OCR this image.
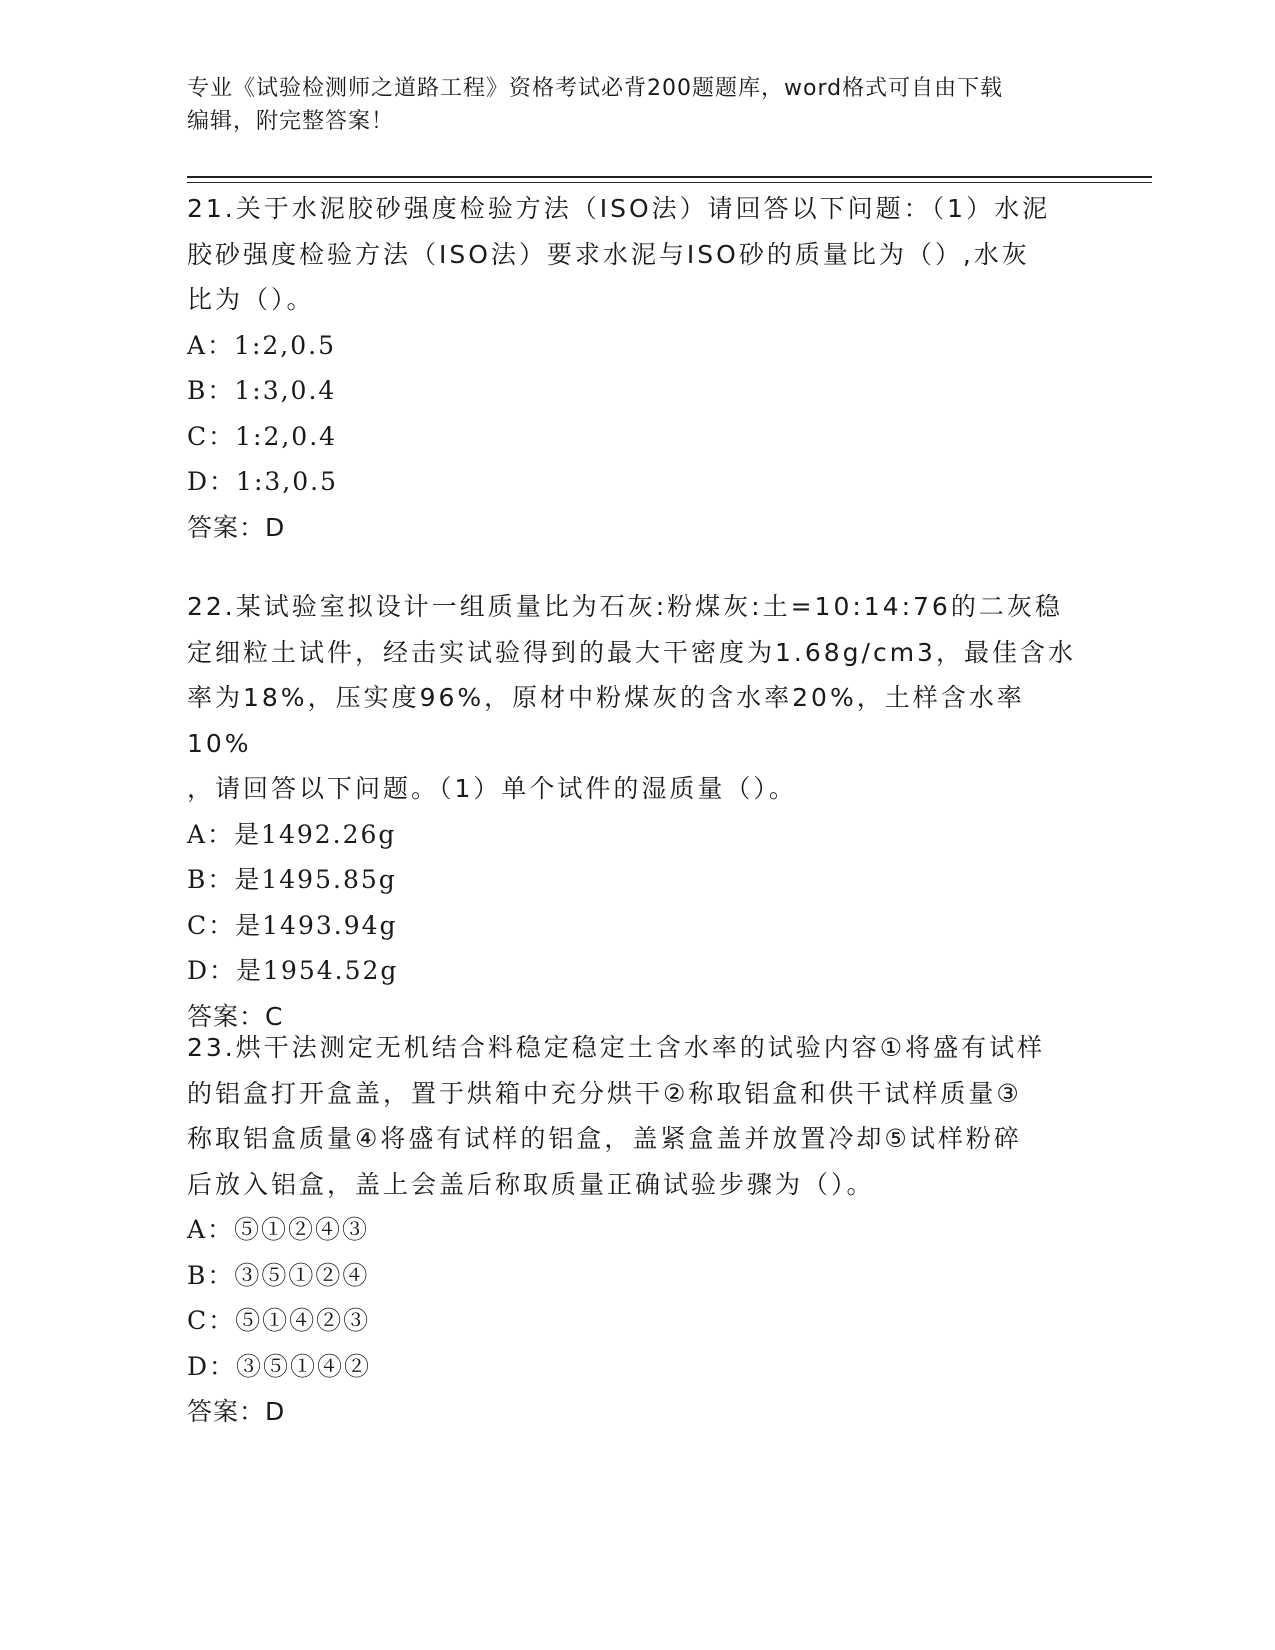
专业《试验检测师之道路工程》资格考试必背200题题库，word格式可自由下载
编辑，附完整答案！

21.关于水泥胶砂强度检验方法（ISO法）请回答以下问题：（1）水泥

胶砂强度检验方法（ISO法）要求水泥与ISO砂的质量比为（）,水灰

比为（）。

A：1:2,0.5

B：1:3,0.4

C：1:2,0.4

D：1:3,0.5

答案：D

22.某试验室拟设计一组质量比为石灰:粉煤灰:土=10:14:76的二灰稳

定细粒土试件，经击实试验得到的最大干密度为1.68g/cm3，最佳含水

率为18%，压实度96%，原材中粉煤灰的含水率20%，土样含水率10%

，请回答以下问题。（1）单个试件的湿质量（）。

A：是1492.26g

B：是1495.85g

C：是1493.94g

D：是1954.52g

答案：C

23.烘干法测定无机结合料稳定稳定土含水率的试验内容①将盛有试样

的铝盒打开盒盖，置于烘箱中充分烘干②称取铝盒和供干试样质量③

称取铝盒质量④将盛有试样的铝盒，盖紧盒盖并放置冷却⑤试样粉碎

后放入铝盒，盖上会盖后称取质量正确试验步骤为（）。

A：⑤①②④③

B：③⑤①②④

C：⑤①④②③

D：③⑤①④②

答案：D
